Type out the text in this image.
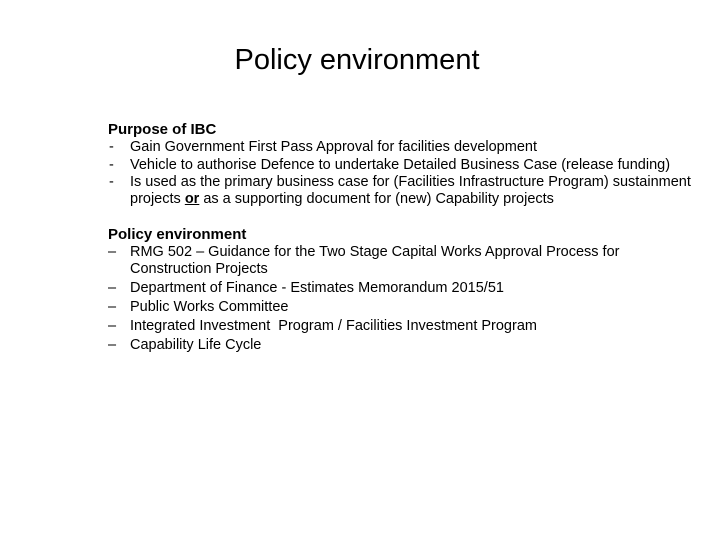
Policy environment
Purpose of IBC
-	Gain Government First Pass Approval for facilities development
-	Vehicle to authorise Defence to undertake Detailed Business Case (release funding)
-	Is used as the primary business case for (Facilities Infrastructure Program) sustainment projects or as a supporting document for (new) Capability projects
Policy environment
– RMG 502 – Guidance for the Two Stage Capital Works Approval Process for Construction Projects
– Department of Finance - Estimates Memorandum 2015/51
– Public Works Committee
– Integrated Investment  Program / Facilities Investment Program
– Capability Life Cycle
